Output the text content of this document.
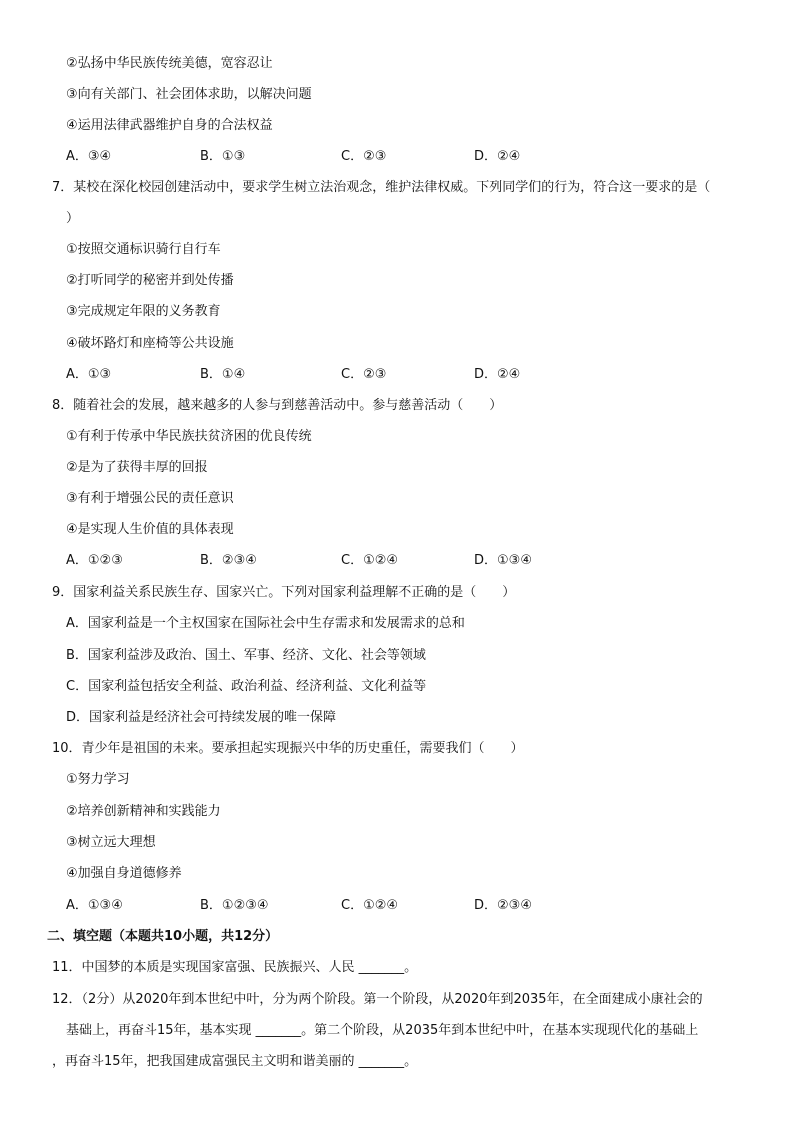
②弘扬中华民族传统美德，宽容忍让
③向有关部门、社会团体求助，以解决问题
④运用法律武器维护自身的合法权益
A．③④	B．①③	C．②③	D．②④
7．某校在深化校园创建活动中，要求学生树立法治观念，维护法律权威。下列同学们的行为，符合这一要求的是（
）
①按照交通标识骑行自行车
②打听同学的秘密并到处传播
③完成规定年限的义务教育
④破坏路灯和座椅等公共设施
A．①③	B．①④	C．②③	D．②④
8．随着社会的发展，越来越多的人参与到慈善活动中。参与慈善活动（　　）
①有利于传承中华民族扶贫济困的优良传统
②是为了获得丰厚的回报
③有利于增强公民的责任意识
④是实现人生价值的具体表现
A．①②③	B．②③④	C．①②④	D．①③④
9．国家利益关系民族生存、国家兴亡。下列对国家利益理解不正确的是（　　）
A．国家利益是一个主权国家在国际社会中生存需求和发展需求的总和
B．国家利益涉及政治、国土、军事、经济、文化、社会等领域
C．国家利益包括安全利益、政治利益、经济利益、文化利益等
D．国家利益是经济社会可持续发展的唯一保障
10．青少年是祖国的未来。要承担起实现振兴中华的历史重任，需要我们（　　）
①努力学习
②培养创新精神和实践能力
③树立远大理想
④加强自身道德修养
A．①③④	B．①②③④	C．①②④	D．②③④
二、填空题（本题共10小题，共12分）
11．中国梦的本质是实现国家富强、民族振兴、人民 _______。
12．（2分）从2020年到本世纪中叶，分为两个阶段。第一个阶段，从2020年到2035年，在全面建成小康社会的
基础上，再奋斗15年，基本实现 _______。第二个阶段，从2035年到本世纪中叶，在基本实现现代化的基础上
，再奋斗15年，把我国建成富强民主文明和谐美丽的 _______。
